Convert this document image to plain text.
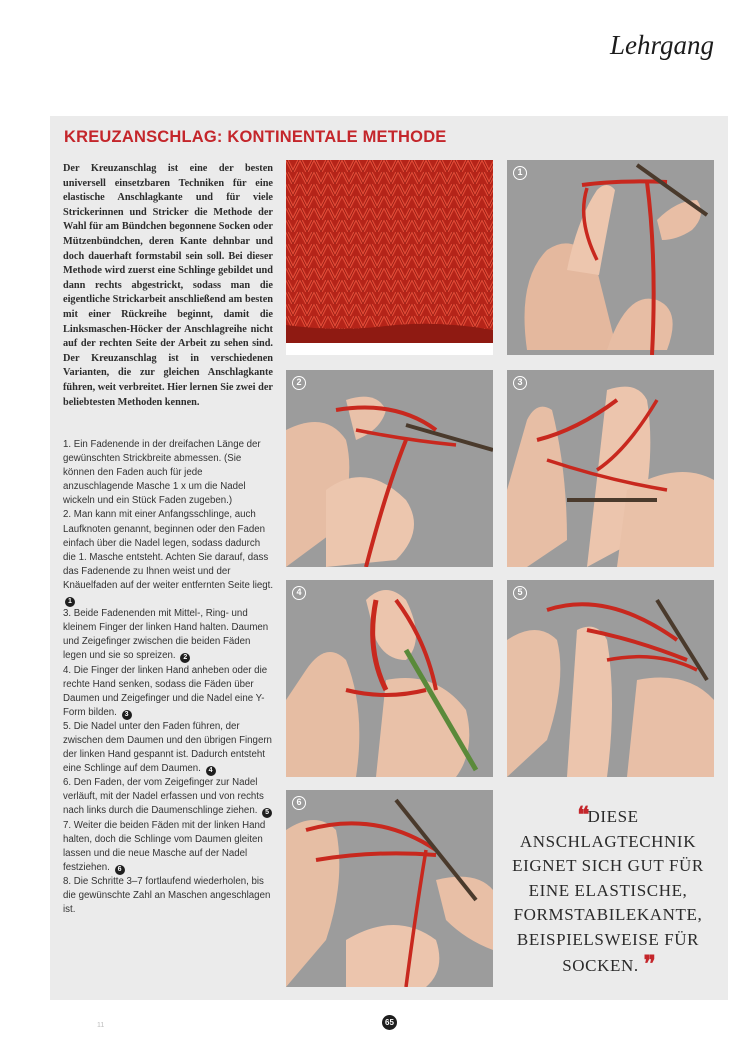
Lehrgang
KREUZANSCHLAG: KONTINENTALE METHODE
Der Kreuzanschlag ist eine der besten universell einsetzbaren Techniken für eine elastische Anschlagkante und für viele Strickerinnen und Stricker die Methode der Wahl für am Bündchen begonnene Socken oder Mützenbündchen, deren Kante dehnbar und doch dauerhaft formstabil sein soll. Bei dieser Methode wird zuerst eine Schlinge gebildet und dann rechts abgestrickt, sodass man die eigentliche Strickarbeit anschließend am besten mit einer Rückreihe beginnt, damit die Linksmaschen-Höcker der Anschlagreihe nicht auf der rechten Seite der Arbeit zu sehen sind. Der Kreuzanschlag ist in verschiedenen Varianten, die zur gleichen Anschlagkante führen, weit verbreitet. Hier lernen Sie zwei der beliebtesten Methoden kennen.

1. Ein Fadenende in der dreifachen Länge der gewünschten Strickbreite abmessen. (Sie können den Faden auch für jede anzuschlagende Masche 1 x um die Nadel wickeln und ein Stück Faden zugeben.)

2. Man kann mit einer Anfangsschlinge, auch Laufknoten genannt, beginnen oder den Faden einfach über die Nadel legen, sodass dadurch die 1. Masche entsteht. Achten Sie darauf, dass das Fadenende zu Ihnen weist und der Knäuelfaden auf der weiter entfernten Seite liegt. 1

3. Beide Fadenenden mit Mittel-, Ring- und kleinem Finger der linken Hand halten. Daumen und Zeigefinger zwischen die beiden Fäden legen und sie so spreizen. 2

4. Die Finger der linken Hand anheben oder die rechte Hand senken, sodass die Fäden über Daumen und Zeigefinger und die Nadel eine Y-Form bilden. 3

5. Die Nadel unter den Faden führen, der zwischen dem Daumen und den übrigen Fingern der linken Hand gespannt ist. Dadurch entsteht eine Schlinge auf dem Daumen. 4

6. Den Faden, der vom Zeigefinger zur Nadel verläuft, mit der Nadel erfassen und von rechts nach links durch die Daumenschlinge ziehen. 5

7. Weiter die beiden Fäden mit der linken Hand halten, doch die Schlinge vom Daumen gleiten lassen und die neue Masche auf der Nadel festziehen. 6

8. Die Schritte 3–7 fortlaufend wiederholen, bis die gewünschte Zahl an Maschen angeschlagen ist.

1
2	3
4	5
6	❛❛DIESE ANSCHLAGTECHNIK EIGNET SICH GUT FÜR EINE ELASTISCHE, FORMSTABILEKANTE, BEISPIELSWEISE FÜR SOCKEN. ❜❜
11	65
